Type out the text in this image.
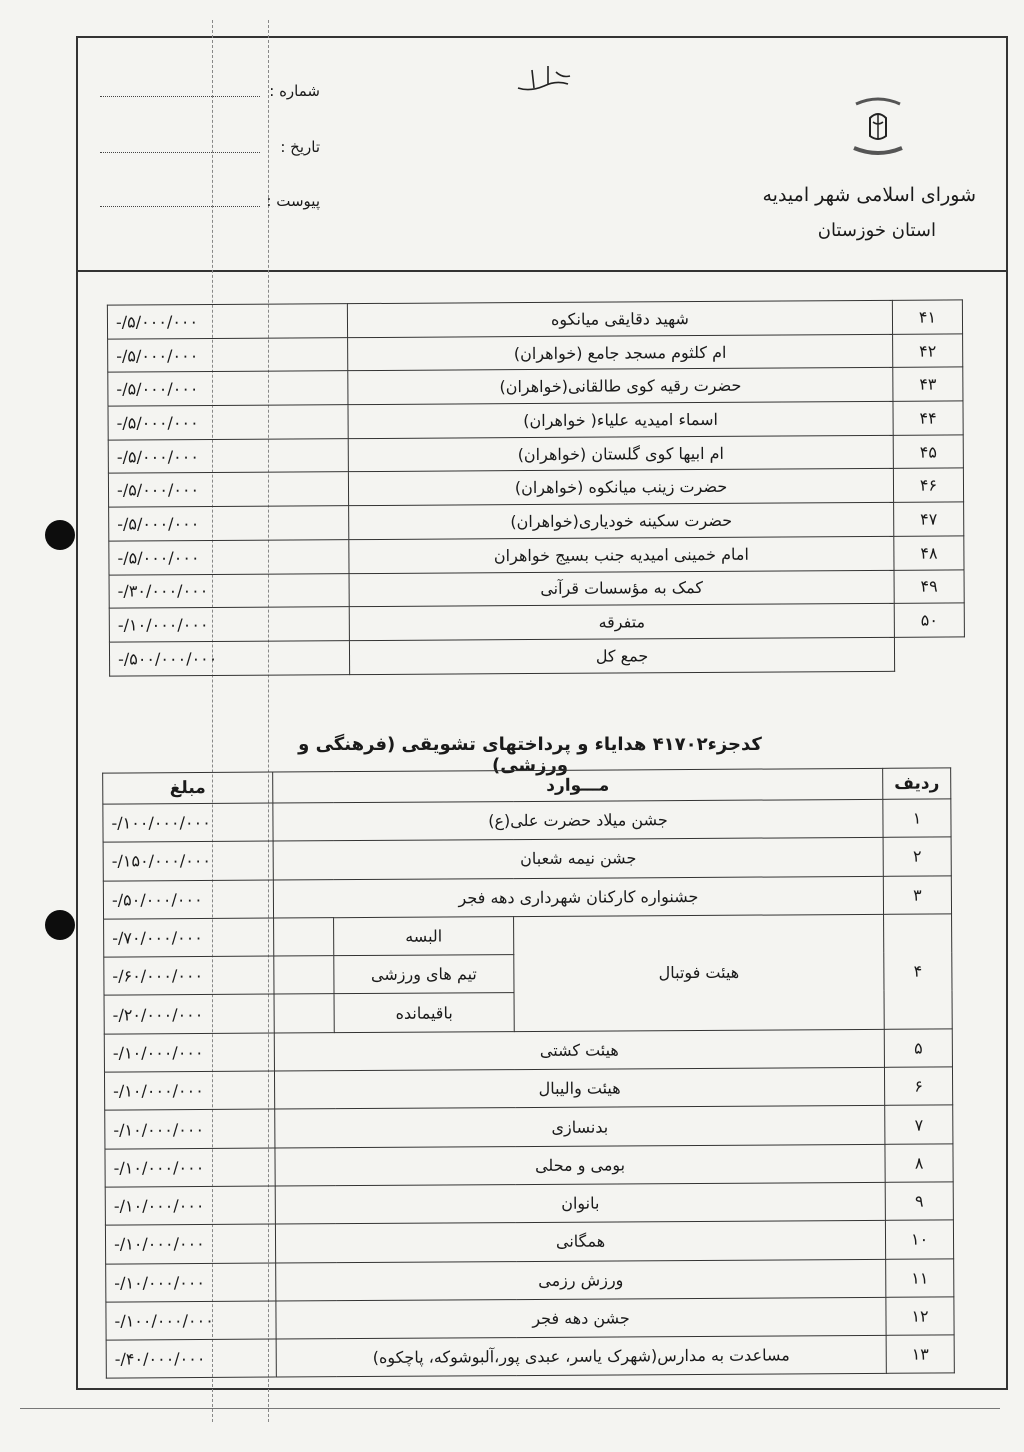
شماره :
تاریخ :
پیوست :	شورای اسلامی شهر امیدیه
استان خوزستان
۴۱	شهید دقایقی میانکوه	-/۵/۰۰۰/۰۰۰
۴۲	ام کلثوم مسجد جامع (خواهران)	-/۵/۰۰۰/۰۰۰
۴۳	حضرت رقیه کوی طالقانی(خواهران)	-/۵/۰۰۰/۰۰۰
۴۴	اسماء امیدیه علیاء( خواهران)	-/۵/۰۰۰/۰۰۰
۴۵	ام ابیها کوی گلستان (خواهران)	-/۵/۰۰۰/۰۰۰
۴۶	حضرت زینب میانکوه (خواهران)	-/۵/۰۰۰/۰۰۰
۴۷	حضرت سکینه خودیاری(خواهران)	-/۵/۰۰۰/۰۰۰
۴۸	امام خمینی امیدیه جنب بسیج خواهران	-/۵/۰۰۰/۰۰۰
۴۹	کمک به مؤسسات قرآنی	-/۳۰/۰۰۰/۰۰۰
۵۰	متفرقه	-/۱۰/۰۰۰/۰۰۰
	جمع کل	-/۵۰۰/۰۰۰/۰۰۰
کدجزء۴۱۷۰۲ هدایاء و پرداختهای تشویقی (فرهنگی و ورزشی)
ردیف	مـــوارد			مبلغ
۱	جشن میلاد حضرت علی(ع)			-/۱۰۰/۰۰۰/۰۰۰
۲	جشن نیمه شعبان			-/۱۵۰/۰۰۰/۰۰۰
۳	جشنواره کارکنان شهرداری دهه فجر			-/۵۰/۰۰۰/۰۰۰
۴	هیئت فوتبال	البسه		-/۷۰/۰۰۰/۰۰۰
		تیم های ورزشی		-/۶۰/۰۰۰/۰۰۰
		باقیمانده		-/۲۰/۰۰۰/۰۰۰
۵	هیئت کشتی			-/۱۰/۰۰۰/۰۰۰
۶	هیئت والیبال			-/۱۰/۰۰۰/۰۰۰
۷	بدنسازی			-/۱۰/۰۰۰/۰۰۰
۸	بومی و محلی			-/۱۰/۰۰۰/۰۰۰
۹	بانوان			-/۱۰/۰۰۰/۰۰۰
۱۰	همگانی			-/۱۰/۰۰۰/۰۰۰
۱۱	ورزش رزمی			-/۱۰/۰۰۰/۰۰۰
۱۲	جشن دهه فجر			-/۱۰۰/۰۰۰/۰۰۰
۱۳	مساعدت به مدارس(شهرک یاسر، عبدی پور،آلبوشوکه، پاچکوه)			-/۴۰/۰۰۰/۰۰۰
